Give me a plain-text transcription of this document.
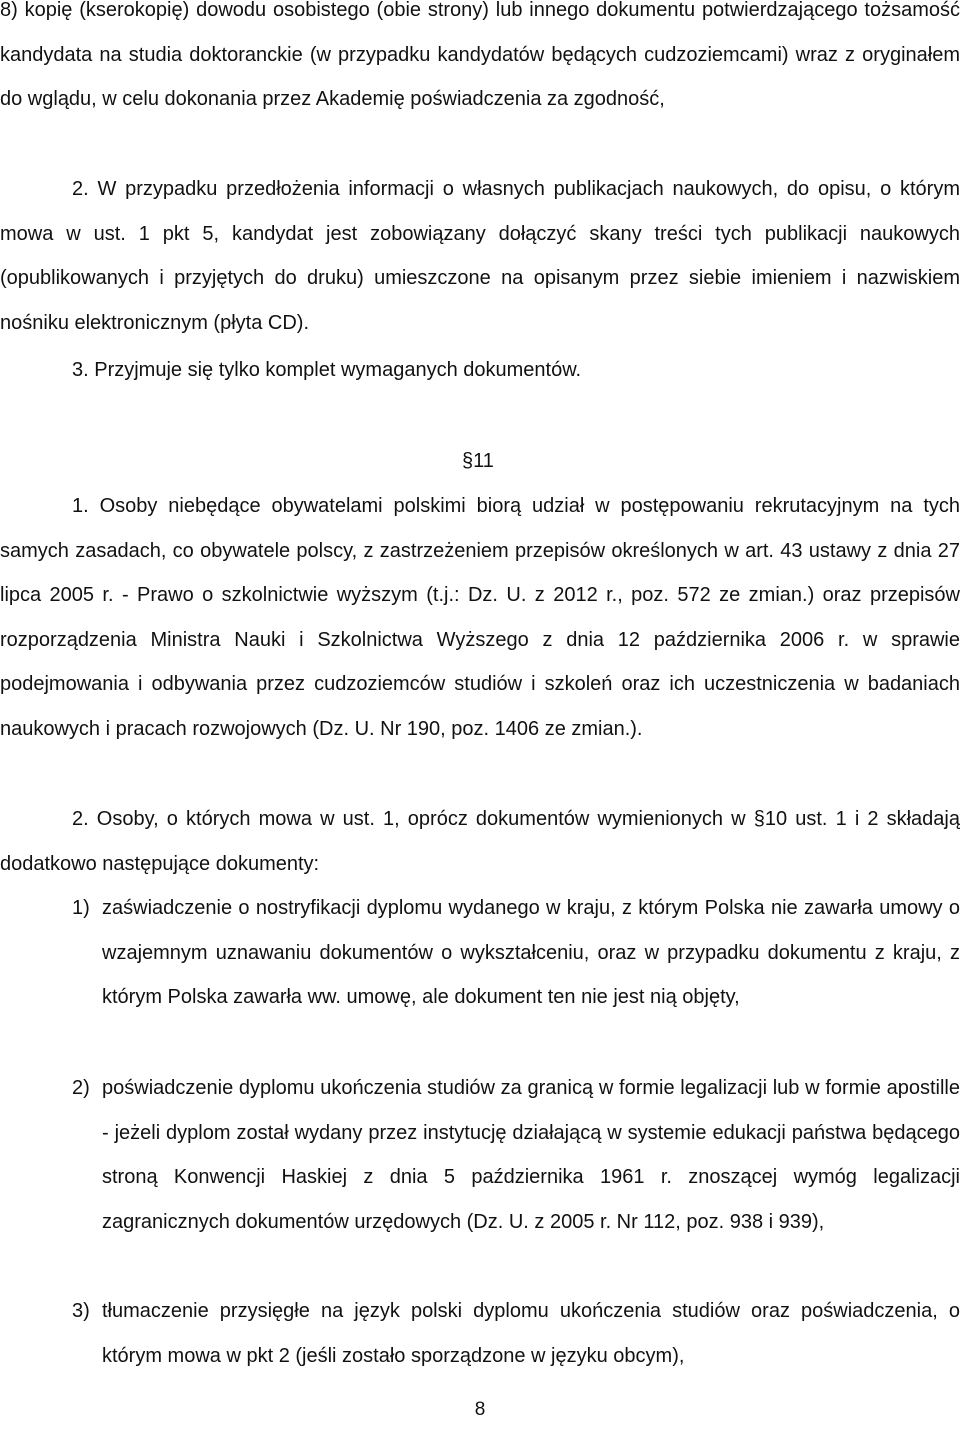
8) kopię (kserokopię) dowodu osobistego (obie strony) lub innego dokumentu potwierdzającego tożsamość kandydata na studia doktoranckie (w przypadku kandydatów będących cudzoziemcami) wraz z oryginałem do wglądu, w celu dokonania przez Akademię poświadczenia za zgodność,

2. W przypadku przedłożenia informacji o własnych publikacjach naukowych, do opisu, o którym mowa w ust. 1 pkt 5, kandydat jest zobowiązany dołączyć skany treści tych publikacji naukowych (opublikowanych i przyjętych do druku) umieszczone na opisanym przez siebie imieniem i nazwiskiem nośniku elektronicznym (płyta CD).

3. Przyjmuje się tylko komplet wymaganych dokumentów.

§11

1. Osoby niebędące obywatelami polskimi biorą udział w postępowaniu rekrutacyjnym na tych samych zasadach, co obywatele polscy, z zastrzeżeniem przepisów określonych w art. 43 ustawy z dnia 27 lipca 2005 r. - Prawo o szkolnictwie wyższym (t.j.: Dz. U. z 2012 r., poz. 572 ze zmian.) oraz przepisów rozporządzenia Ministra Nauki i Szkolnictwa Wyższego z dnia 12 października 2006 r. w sprawie podejmowania i odbywania przez cudzoziemców studiów i szkoleń oraz ich uczestniczenia w badaniach naukowych i pracach rozwojowych (Dz. U. Nr 190, poz. 1406 ze zmian.).

2. Osoby, o których mowa w ust. 1, oprócz dokumentów wymienionych w §10 ust. 1 i 2 składają dodatkowo następujące dokumenty:

1) zaświadczenie o nostryfikacji dyplomu wydanego w kraju, z którym Polska nie zawarła umowy o wzajemnym uznawaniu dokumentów o wykształceniu, oraz w przypadku dokumentu z kraju, z którym Polska zawarła ww. umowę, ale dokument ten nie jest nią objęty,
2) poświadczenie dyplomu ukończenia studiów za granicą w formie legalizacji lub w formie apostille - jeżeli dyplom został wydany przez instytucję działającą w systemie edukacji państwa będącego stroną Konwencji Haskiej z dnia 5 października 1961 r. znoszącej wymóg legalizacji zagranicznych dokumentów urzędowych (Dz. U. z 2005 r. Nr 112, poz. 938 i 939),
3) tłumaczenie przysięgłe na język polski dyplomu ukończenia studiów oraz poświadczenia, o którym mowa w pkt 2 (jeśli zostało sporządzone w języku obcym),
8
